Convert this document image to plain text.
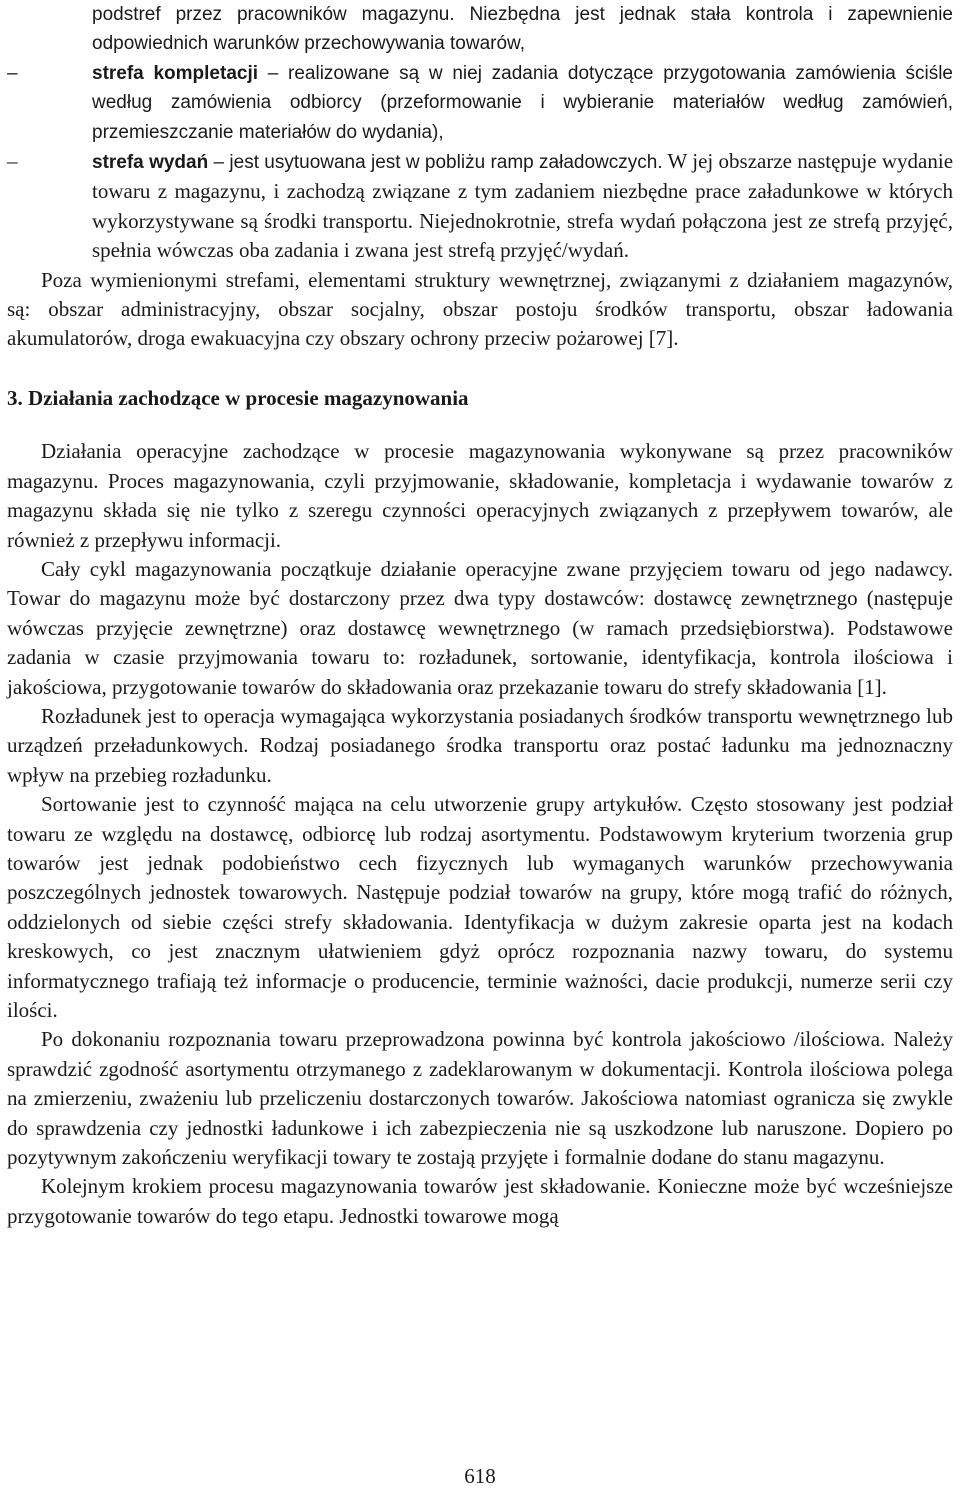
podstref przez pracowników magazynu. Niezbędna jest jednak stała kontrola i zapewnienie odpowiednich warunków przechowywania towarów,

–	strefa kompletacji – realizowane są w niej zadania dotyczące przygotowania zamówienia ściśle według zamówienia odbiorcy (przeformowanie i wybieranie materiałów według zamówień, przemieszczanie materiałów do wydania),

–	strefa wydań – jest usytuowana jest w pobliżu ramp załadowczych. W jej obszarze następuje wydanie towaru z magazynu, i zachodzą związane z tym zadaniem niezbędne prace załadunkowe w których wykorzystywane są środki transportu. Niejednokrotnie, strefa wydań połączona jest ze strefą przyjęć, spełnia wówczas oba zadania i zwana jest strefą przyjęć/wydań.

Poza wymienionymi strefami, elementami struktury wewnętrznej, związanymi z działaniem magazynów, są: obszar administracyjny, obszar socjalny, obszar postoju środków transportu, obszar ładowania akumulatorów, droga ewakuacyjna czy obszary ochrony przeciw pożarowej [7].

3. Działania zachodzące w procesie magazynowania

Działania operacyjne zachodzące w procesie magazynowania wykonywane są przez pracowników magazynu. Proces magazynowania, czyli przyjmowanie, składowanie, kompletacja i wydawanie towarów z magazynu składa się nie tylko z szeregu czynności operacyjnych związanych z przepływem towarów, ale również z przepływu informacji.

Cały cykl magazynowania początkuje działanie operacyjne zwane przyjęciem towaru od jego nadawcy. Towar do magazynu może być dostarczony przez dwa typy dostawców: dostawcę zewnętrznego (następuje wówczas przyjęcie zewnętrzne) oraz dostawcę wewnętrznego (w ramach przedsiębiorstwa). Podstawowe zadania w czasie przyjmowania towaru to: rozładunek, sortowanie, identyfikacja, kontrola ilościowa i jakościowa, przygotowanie towarów do składowania oraz przekazanie towaru do strefy składowania [1].

Rozładunek jest to operacja wymagająca wykorzystania posiadanych środków transportu wewnętrznego lub urządzeń przeładunkowych. Rodzaj posiadanego środka transportu oraz postać ładunku ma jednoznaczny wpływ na przebieg rozładunku.

Sortowanie jest to czynność mająca na celu utworzenie grupy artykułów. Często stosowany jest podział towaru ze względu na dostawcę, odbiorcę lub rodzaj asortymentu. Podstawowym kryterium tworzenia grup towarów jest jednak podobieństwo cech fizycznych lub wymaganych warunków przechowywania poszczególnych jednostek towarowych. Następuje podział towarów na grupy, które mogą trafić do różnych, oddzielonych od siebie części strefy składowania. Identyfikacja w dużym zakresie oparta jest na kodach kreskowych, co jest znacznym ułatwieniem gdyż oprócz rozpoznania nazwy towaru, do systemu informatycznego trafiają też informacje o producencie, terminie ważności, dacie produkcji, numerze serii czy ilości.

Po dokonaniu rozpoznania towaru przeprowadzona powinna być kontrola jakościowo /ilościowa. Należy sprawdzić zgodność asortymentu otrzymanego z zadeklarowanym w dokumentacji. Kontrola ilościowa polega na zmierzeniu, zważeniu lub przeliczeniu dostarczonych towarów. Jakościowa natomiast ogranicza się zwykle do sprawdzenia czy jednostki ładunkowe i ich zabezpieczenia nie są uszkodzone lub naruszone. Dopiero po pozytywnym zakończeniu weryfikacji towary te zostają przyjęte i formalnie dodane do stanu magazynu.

Kolejnym krokiem procesu magazynowania towarów jest składowanie. Konieczne może być wcześniejsze przygotowanie towarów do tego etapu. Jednostki towarowe mogą

618
